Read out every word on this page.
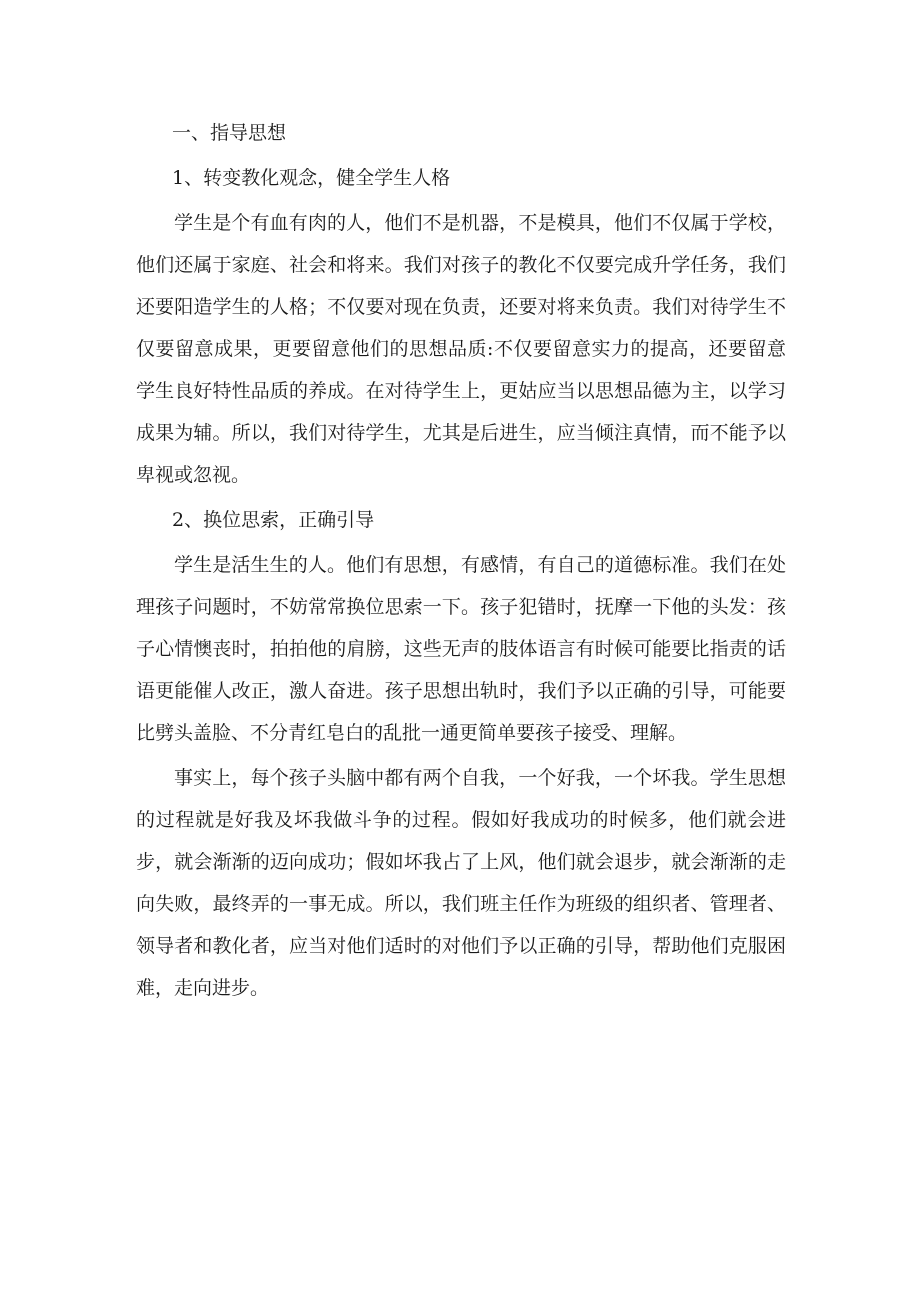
一、指导思想

1、转变教化观念，健全学生人格

学生是个有血有肉的人，他们不是机器，不是模具，他们不仅属于学校，他们还属于家庭、社会和将来。我们对孩子的教化不仅要完成升学任务，我们还要阳造学生的人格；不仅要对现在负责，还要对将来负责。我们对待学生不仅要留意成果，更要留意他们的思想品质:不仅要留意实力的提高，还要留意学生良好特性品质的养成。在对待学生上，更姑应当以思想品德为主，以学习成果为辅。所以，我们对待学生，尤其是后进生，应当倾注真情，而不能予以卑视或忽视。

2、换位思索，正确引导

学生是活生生的人。他们有思想，有感情，有自己的道德标准。我们在处理孩子问题时，不妨常常换位思索一下。孩子犯错时，抚摩一下他的头发：孩子心情懊丧时，拍拍他的肩膀，这些无声的肢体语言有时候可能要比指责的话语更能催人改正，激人奋进。孩子思想出轨时，我们予以正确的引导，可能要比劈头盖脸、不分青红皂白的乱批一通更简单要孩子接受、理解。

事实上，每个孩子头脑中都有两个自我，一个好我，一个坏我。学生思想的过程就是好我及坏我做斗争的过程。假如好我成功的时候多，他们就会进步，就会渐渐的迈向成功；假如坏我占了上风，他们就会退步，就会渐渐的走向失败，最终弄的一事无成。所以，我们班主任作为班级的组织者、管理者、领导者和教化者，应当对他们适时的对他们予以正确的引导，帮助他们克服困难，走向进步。
